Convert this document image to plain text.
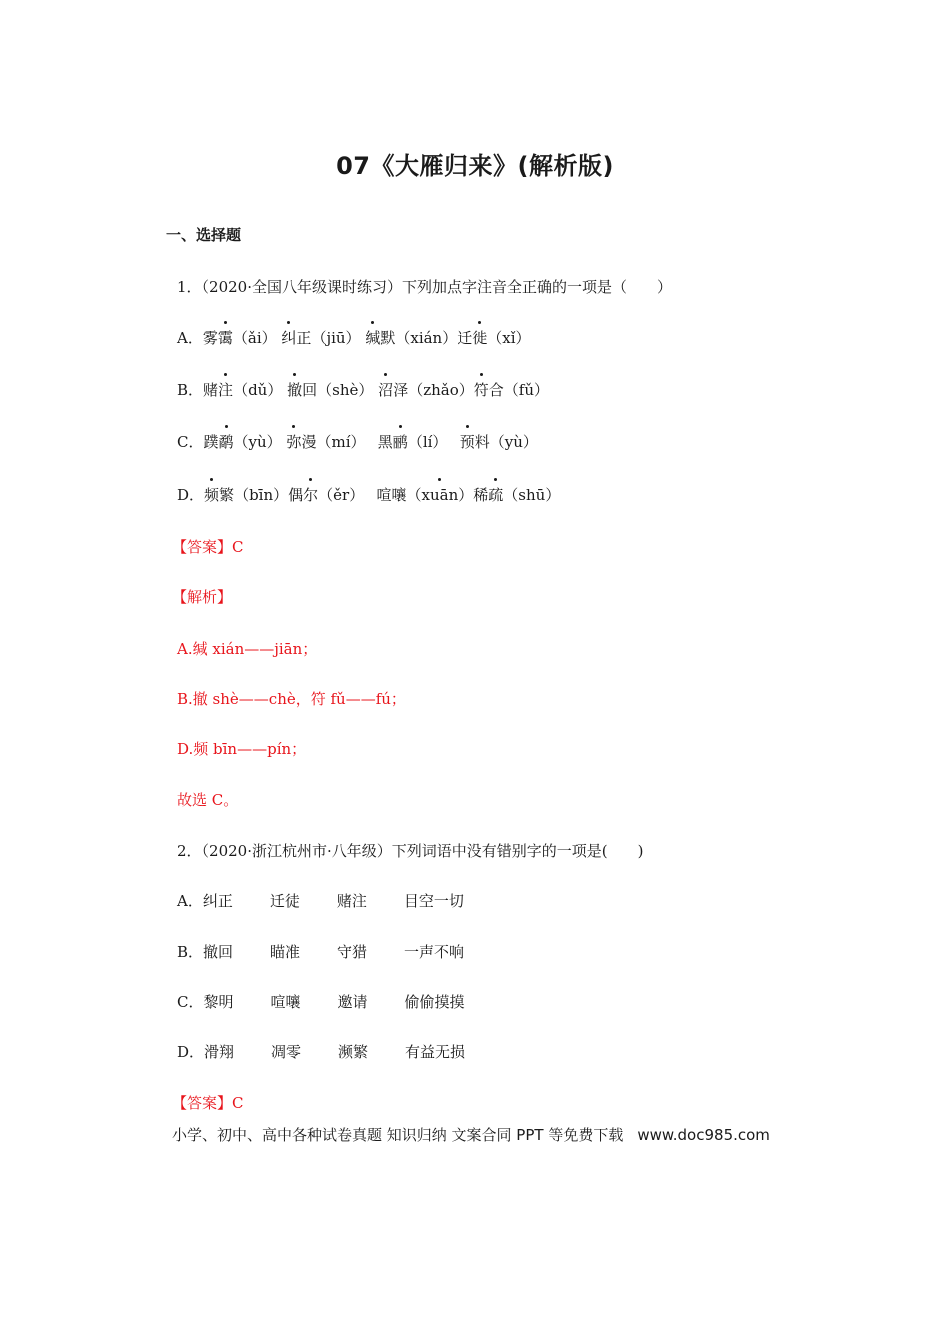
07《大雁归来》(解析版)
一、选择题
1．（2020·全国八年级课时练习）下列加点字注音全正确的一项是（　　）
A．雾霭（ǎi） 纠正（jiū） 缄默（xián）迁徙（xǐ）
B．赌注（dǔ） 撤回（shè） 沼泽（zhǎo）符合（fǔ）
C．蹼鹬（yù） 弥漫（mí）　 黑鹂（lí）　 预料（yù）
D．频繁（bīn）偶尔（ěr）　 喧嚷（xuān）稀疏（shū）
【答案】C
【解析】
A.缄 xián——jiān；
B.撤 shè——chè，符 fǔ——fú；
D.频 bīn——pín；
故选 C。
2．（2020·浙江杭州市·八年级）下列词语中没有错别字的一项是(　　)
A．纠正 迁徒 赌注 目空一切
B．撤回 瞄准 守猎 一声不响
C．黎明 喧嚷 邀请 偷偷摸摸
D．滑翔 凋零 濒繁 有益无损
【答案】C
小学、初中、高中各种试卷真题 知识归纳 文案合同 PPT 等免费下载 www.doc985.com
